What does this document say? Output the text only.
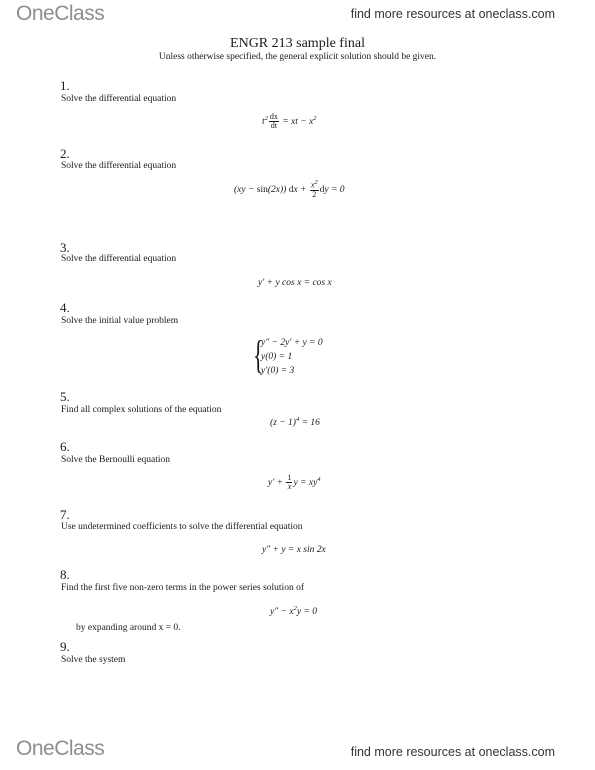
OneClass	find more resources at oneclass.com
ENGR 213 sample final
Unless otherwise specified, the general explicit solution should be given.
1.
Solve the differential equation
$t^2 \frac{dx}{dt}$ = xt − $x^2$
2.
Solve the differential equation
(xy − sin(2x)) dx + $\frac{x^2}{2}$ dy = 0
3.
Solve the differential equation
y′ + y cos x = cos x
4.
Solve the initial value problem
{
y″ − 2y′ + y = 0
y(0) = 1
y′(0) = 3
5.
Find all complex solutions of the equation
$(z - 1)^4 = 16$
6.
Solve the Bernoulli equation
$y' + \frac{1}{x}$ $y = xy^4$
7.
Use undetermined coefficients to solve the differential equation
y″ + y = x sin 2x
8.
Find the first five non-zero terms in the power series solution of
$y'' - x^2y = 0$
by expanding around x = 0.
9.
Solve the system
OneClass	find more resources at oneclass.com
